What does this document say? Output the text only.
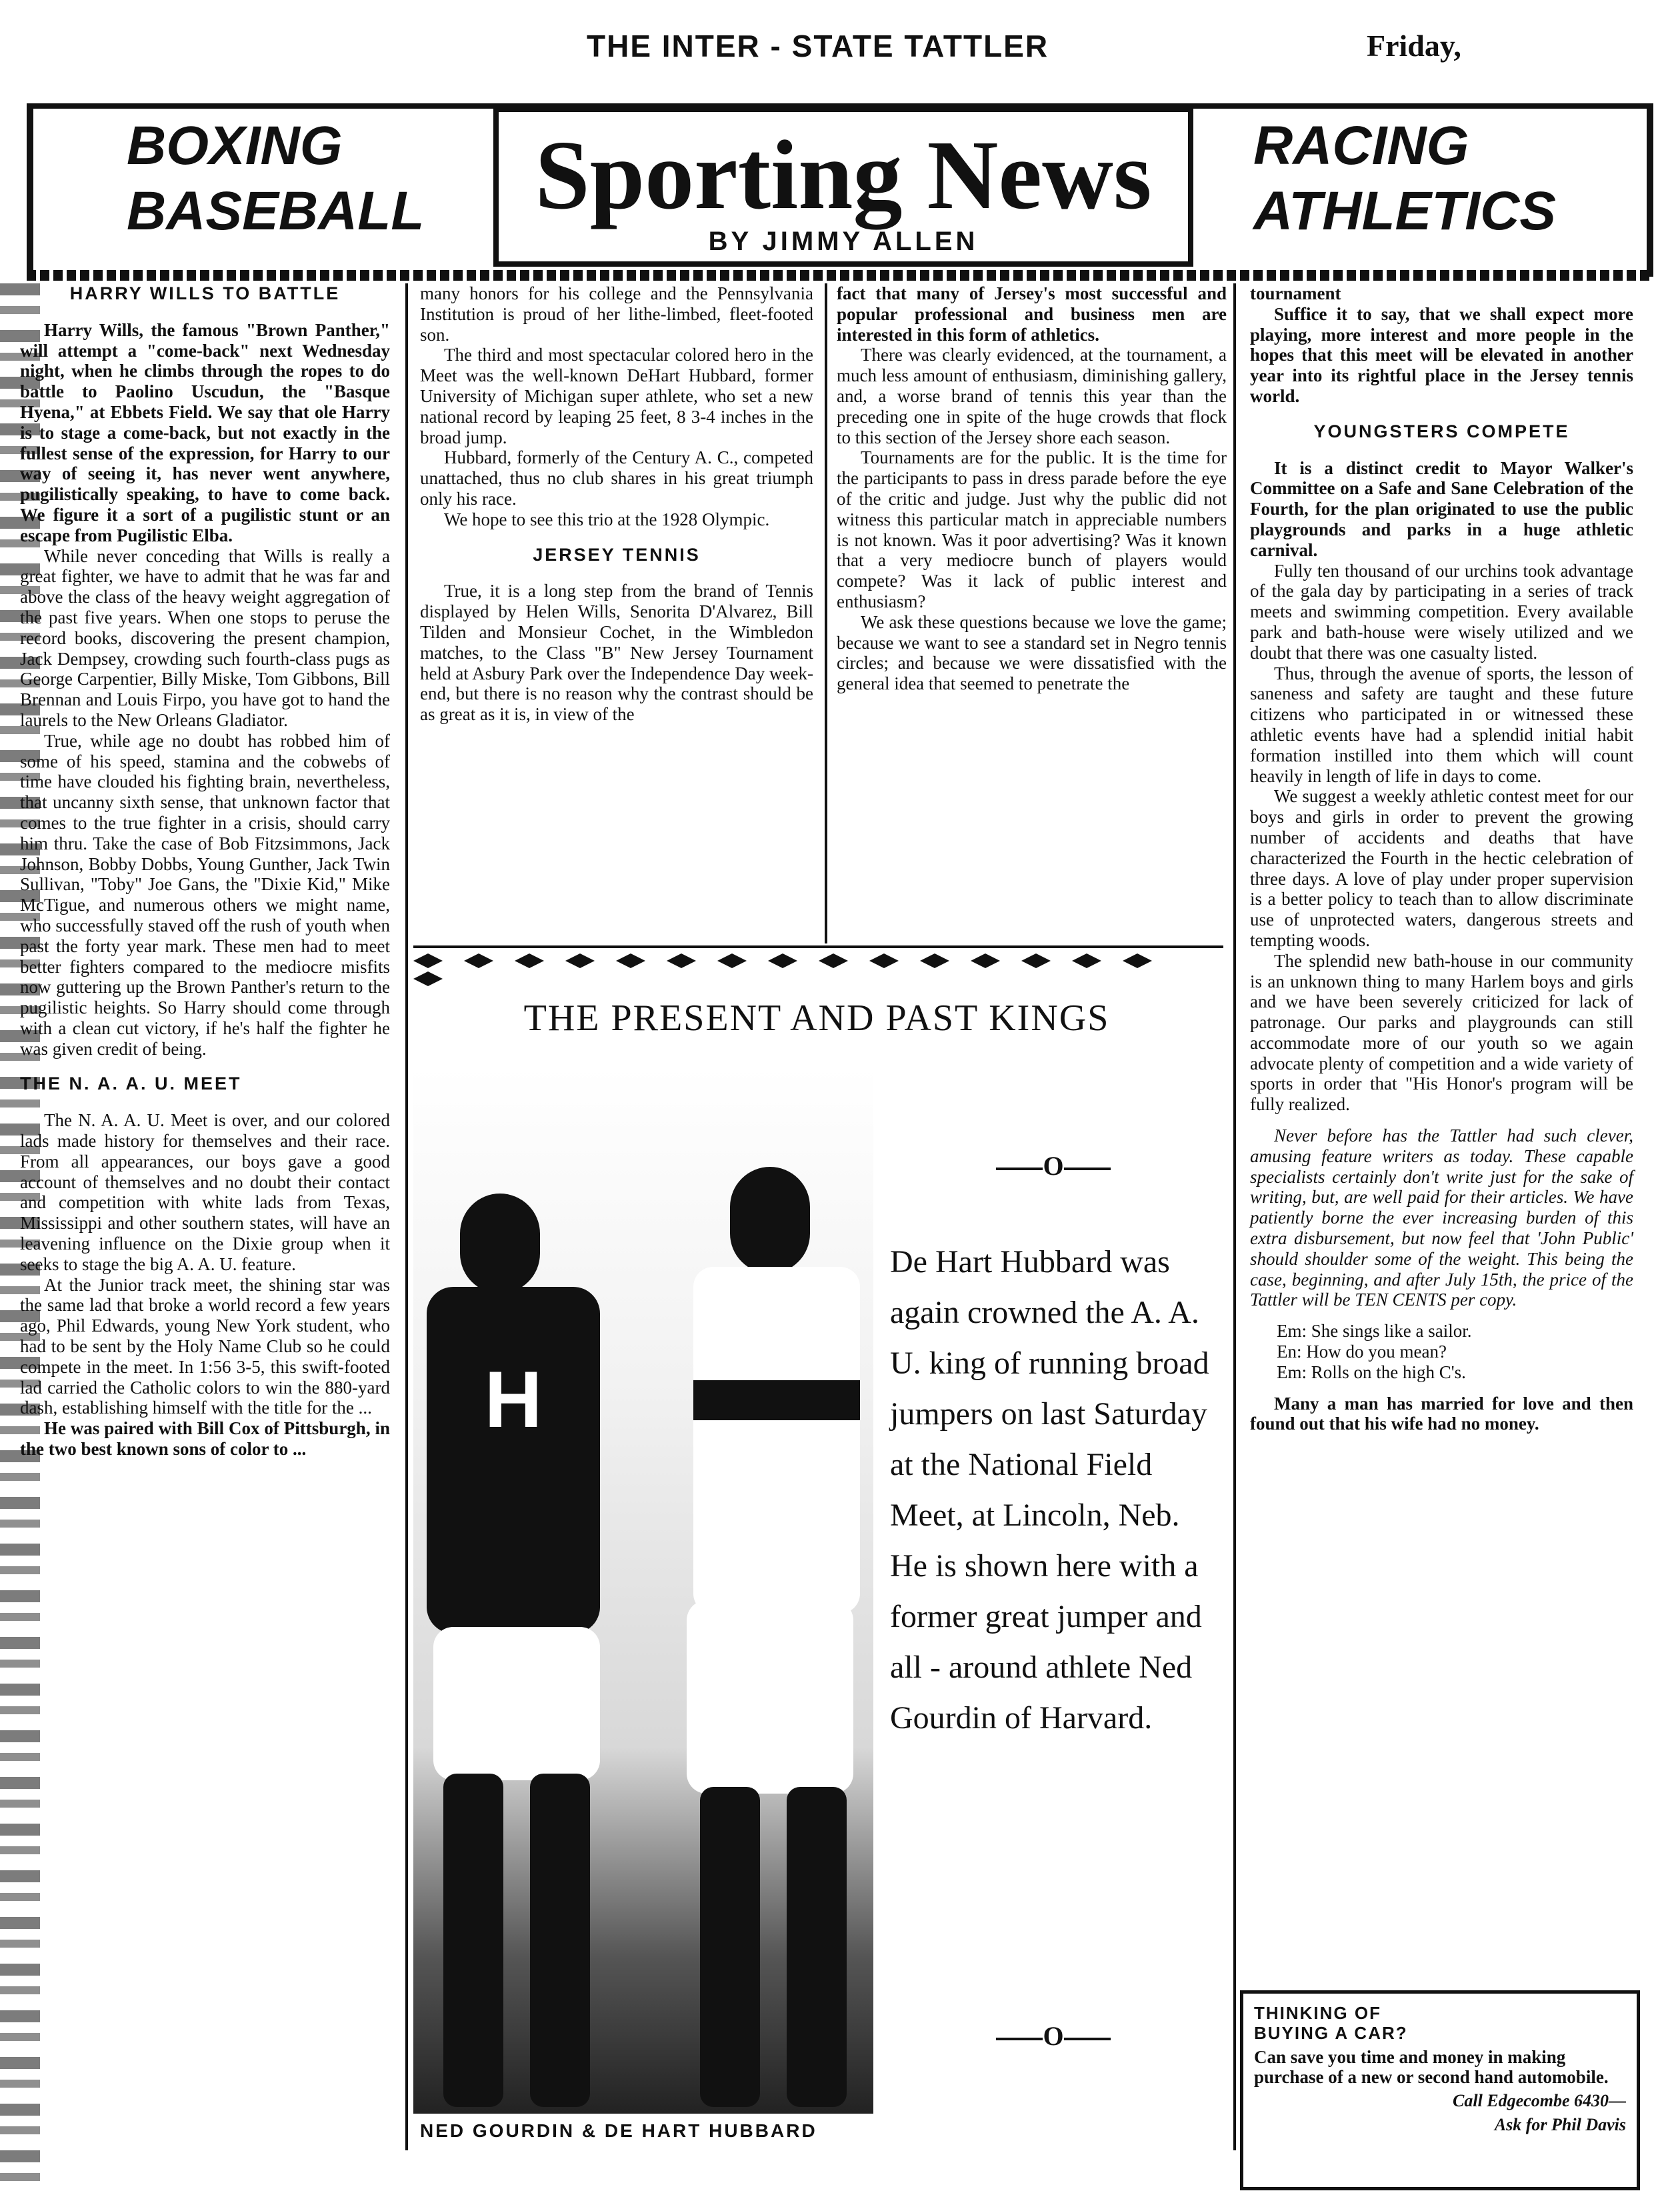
THE INTER - STATE TATTLER	Friday,
BOXING
BASEBALL	Sporting News
BY JIMMY ALLEN
RACING
ATHLETICS

HARRY WILLS TO BATTLE

Harry Wills, the famous "Brown Panther," will attempt a "come-back" next Wednesday night, when he climbs through the ropes to do battle to Paolino Uscudun, the "Basque Hyena," at Ebbets Field. We say that ole Harry is to stage a come-back, but not exactly in the fullest sense of the expression, for Harry to our way of seeing it, has never went anywhere, pugilistically speaking, to have to come back. We figure it a sort of a pugilistic stunt or an escape from Pugilistic Elba.

While never conceding that Wills is really a great fighter, we have to admit that he was far and above the class of the heavy weight aggregation of the past five years. When one stops to peruse the record books, discovering the present champion, Jack Dempsey, crowding such fourth-class pugs as George Carpentier, Billy Miske, Tom Gibbons, Bill Brennan and Louis Firpo, you have got to hand the laurels to the New Orleans Gladiator.

True, while age no doubt has robbed him of some of his speed, stamina and the cobwebs of time have clouded his fighting brain, nevertheless, that uncanny sixth sense, that unknown factor that comes to the true fighter in a crisis, should carry him thru. Take the case of Bob Fitzsimmons, Jack Johnson, Bobby Dobbs, Young Gunther, Jack Twin Sullivan, "Toby" Joe Gans, the "Dixie Kid," Mike McTigue, and numerous others we might name, who successfully staved off the rush of youth when past the forty year mark. These men had to meet better fighters compared to the mediocre misfits now guttering up the Brown Panther's return to the pugilistic heights. So Harry should come through with a clean cut victory, if he's half the fighter he was given credit of being.

THE N. A. A. U. MEET

The N. A. A. U. Meet is over, and our colored lads made history for themselves and their race. From all appearances, our boys gave a good account of themselves and no doubt their contact and competition with white lads from Texas, Mississippi and other southern states, will have an leavening influence on the Dixie group when it seeks to stage the big A. A. U. feature.

At the Junior track meet, the shining star was the same lad that broke a world record a few years ago, Phil Edwards, young New York student, who had to be sent by the Holy Name Club so he could compete in the meet. In 1:56 3-5, this swift-footed lad carried the Catholic colors to win the 880-yard dash, establishing himself with the title for the ...

He was paired with Bill Cox of Pittsburgh, in the two best known sons of color to ...

many honors for his college and the Pennsylvania Institution is proud of her lithe-limbed, fleet-footed son.

The third and most spectacular colored hero in the Meet was the well-known DeHart Hubbard, former University of Michigan super athlete, who set a new national record by leaping 25 feet, 8 3-4 inches in the broad jump.

Hubbard, formerly of the Century A. C., competed unattached, thus no club shares in his great triumph only his race.

We hope to see this trio at the 1928 Olympic.

JERSEY TENNIS

True, it is a long step from the brand of Tennis displayed by Helen Wills, Senorita D'Alvarez, Bill Tilden and Monsieur Cochet, in the Wimbledon matches, to the Class "B" New Jersey Tournament held at Asbury Park over the Independence Day week-end, but there is no reason why the contrast should be as great as it is, in view of the

fact that many of Jersey's most successful and popular professional and business men are interested in this form of athletics.

There was clearly evidenced, at the tournament, a much less amount of enthusiasm, diminishing gallery, and, a worse brand of tennis this year than the preceding one in spite of the huge crowds that flock to this section of the Jersey shore each season.

Tournaments are for the public. It is the time for the participants to pass in dress parade before the eye of the critic and judge. Just why the public did not witness this particular match in appreciable numbers is not known. Was it poor advertising? Was it known that a very mediocre bunch of players would compete? Was it lack of public interest and enthusiasm?

We ask these questions because we love the game; because we want to see a standard set in Negro tennis circles; and because we were dissatisfied with the general idea that seemed to penetrate the

tournament

Suffice it to say, that we shall expect more playing, more interest and more people in the hopes that this meet will be elevated in another year into its rightful place in the Jersey tennis world.

YOUNGSTERS COMPETE

It is a distinct credit to Mayor Walker's Committee on a Safe and Sane Celebration of the Fourth, for the plan originated to use the public playgrounds and parks in a huge athletic carnival.

Fully ten thousand of our urchins took advantage of the gala day by participating in a series of track meets and swimming competition. Every available park and bath-house were wisely utilized and we doubt that there was one casualty listed.

Thus, through the avenue of sports, the lesson of saneness and safety are taught and these future citizens who participated in or witnessed these athletic events have had a splendid initial habit formation instilled into them which will count heavily in length of life in days to come.

We suggest a weekly athletic contest meet for our boys and girls in order to prevent the growing number of accidents and deaths that have characterized the Fourth in the hectic celebration of three days. A love of play under proper supervision is a better policy to teach than to allow discriminate use of unprotected waters, dangerous streets and tempting woods.

The splendid new bath-house in our community is an unknown thing to many Harlem boys and girls and we have been severely criticized for lack of patronage. Our parks and playgrounds can still accommodate more of our youth so we again advocate plenty of competition and a wide variety of sports in order that "His Honor's program will be fully realized.

Never before has the Tattler had such clever, amusing feature writers as today. These capable specialists certainly don't write just for the sake of writing, but, are well paid for their articles. We have patiently borne the ever increasing burden of this extra disbursement, but now feel that 'John Public' should shoulder some of the weight. This being the case, beginning, and after July 15th, the price of the Tattler will be TEN CENTS per copy.

Em: She sings like a sailor.

En: How do you mean?

Em: Rolls on the high C's.

Many a man has married for love and then found out that his wife had no money.

THE PRESENT AND PAST KINGS
H
NED GOURDIN & DE HART HUBBARD
O
De Hart Hubbard was again crowned the A. A. U. king of running broad jumpers on last Saturday at the National Field Meet, at Lincoln, Neb. He is shown here with a former great jumper and all - around athlete Ned Gourdin of Harvard.
O
THINKING OF
BUYING A CAR?
Can save you time and money in making purchase of a new or second hand automobile.
Call Edgecombe 6430—
Ask for Phil Davis
